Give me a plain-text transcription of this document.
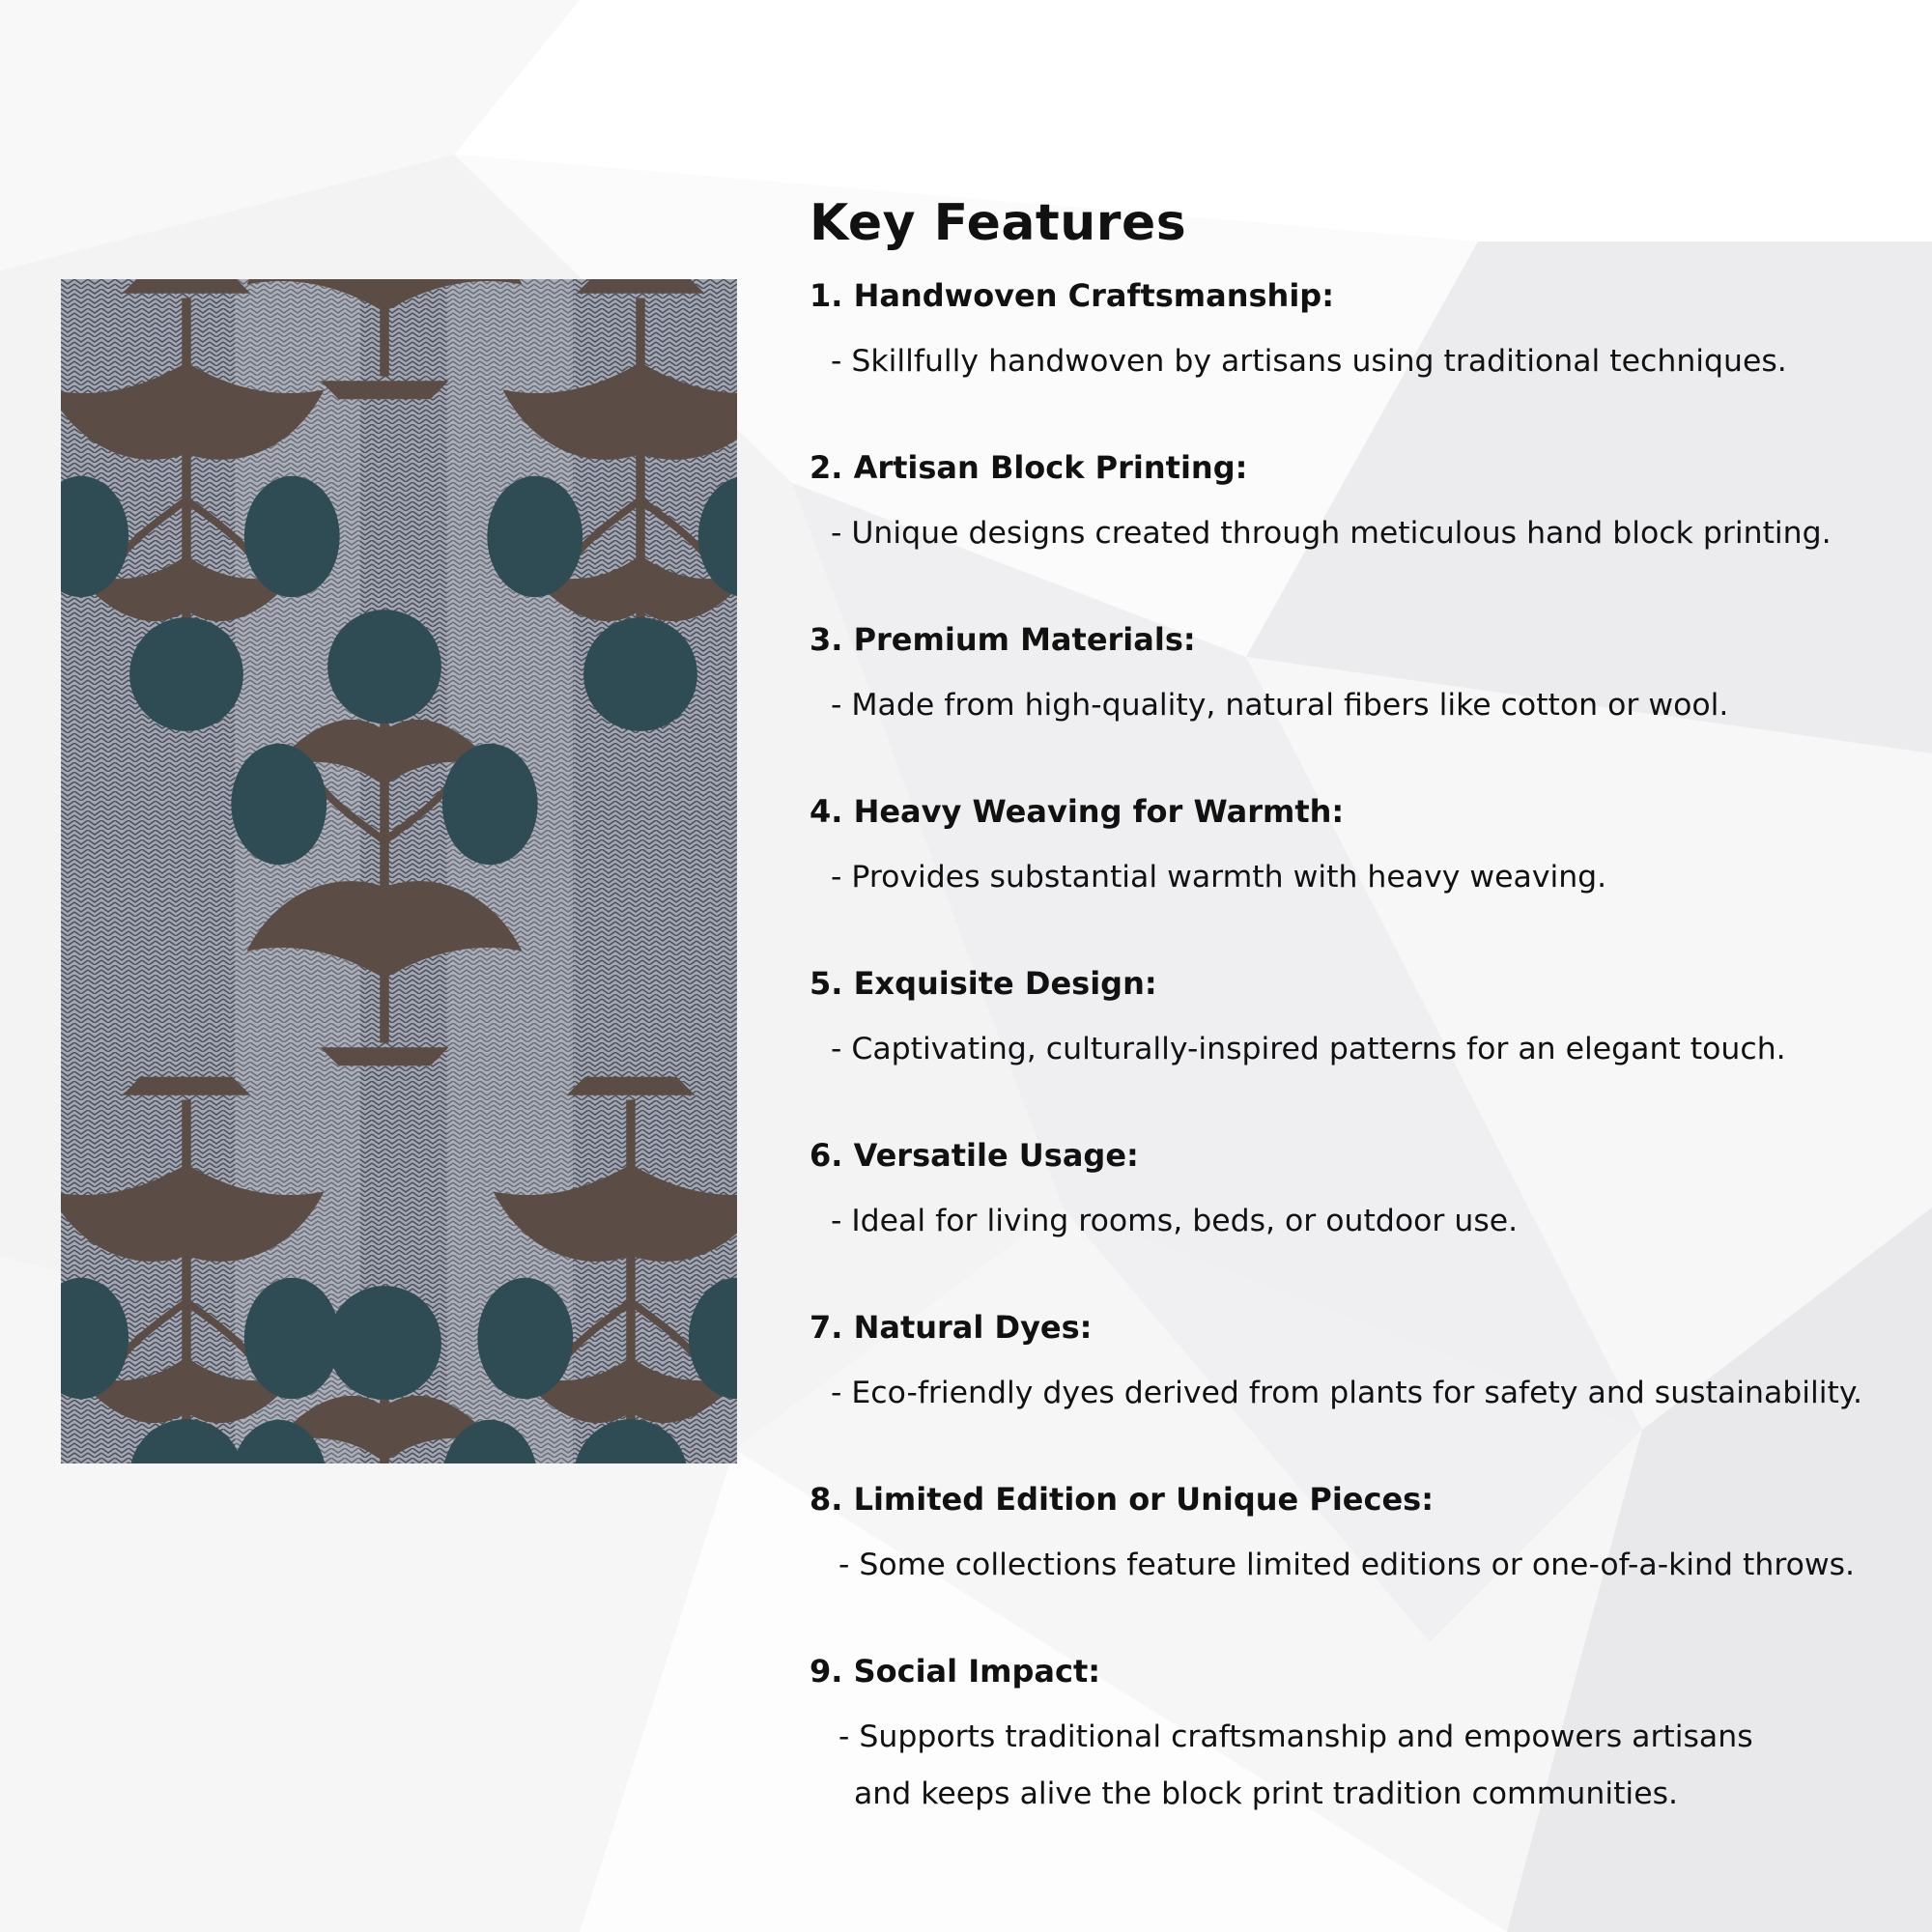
Key Features

1. Handwoven Craftsmanship:

- Skillfully handwoven by artisans using traditional techniques.

2. Artisan Block Printing:

- Unique designs created through meticulous hand block printing.

3. Premium Materials:

- Made from high-quality, natural fibers like cotton or wool.

4. Heavy Weaving for Warmth:

- Provides substantial warmth with heavy weaving.

5. Exquisite Design:

- Captivating, culturally-inspired patterns for an elegant touch.

6. Versatile Usage:

- Ideal for living rooms, beds, or outdoor use.

7. Natural Dyes:

- Eco-friendly dyes derived from plants for safety and sustainability.

8. Limited Edition or Unique Pieces:

- Some collections feature limited editions or one-of-a-kind throws.

9. Social Impact:

- Supports traditional craftsmanship and empowers artisans
and keeps alive the block print tradition communities.
